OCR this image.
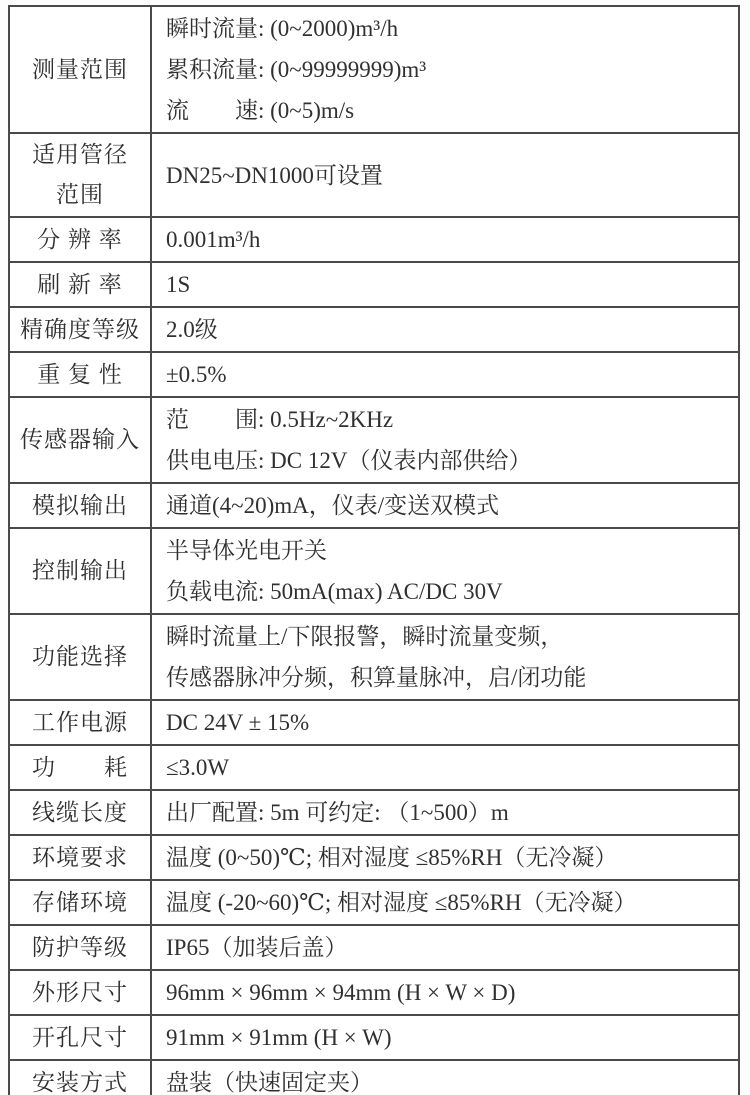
测量范围	瞬时流量: (0~2000)m³/h
累积流量: (0~99999999)m³
流　　速: (0~5)m/s

适用管径
范围	DN25~DN1000可设置

分 辨 率	0.001m³/h

刷 新 率	1S

精确度等级	2.0级

重 复 性	±0.5%

传感器输入	范　　围: 0.5Hz~2KHz
供电电压: DC 12V（仪表内部供给）

模拟输出	通道(4~20)mA，仪表/变送双模式

控制输出	半导体光电开关
负载电流: 50mA(max) AC/DC 30V

功能选择	瞬时流量上/下限报警，瞬时流量变频，
传感器脉冲分频，积算量脉冲，启/闭功能

工作电源	DC 24V ± 15%

功　　耗	≤3.0W

线缆长度	出厂配置: 5m 可约定: （1~500）m

环境要求	温度 (0~50)℃; 相对湿度 ≤85%RH（无冷凝）

存储环境	温度 (-20~60)℃; 相对湿度 ≤85%RH（无冷凝）

防护等级	IP65（加装后盖）

外形尺寸	96mm × 96mm × 94mm (H × W × D)

开孔尺寸	91mm × 91mm (H × W)

安装方式	盘装（快速固定夹）
